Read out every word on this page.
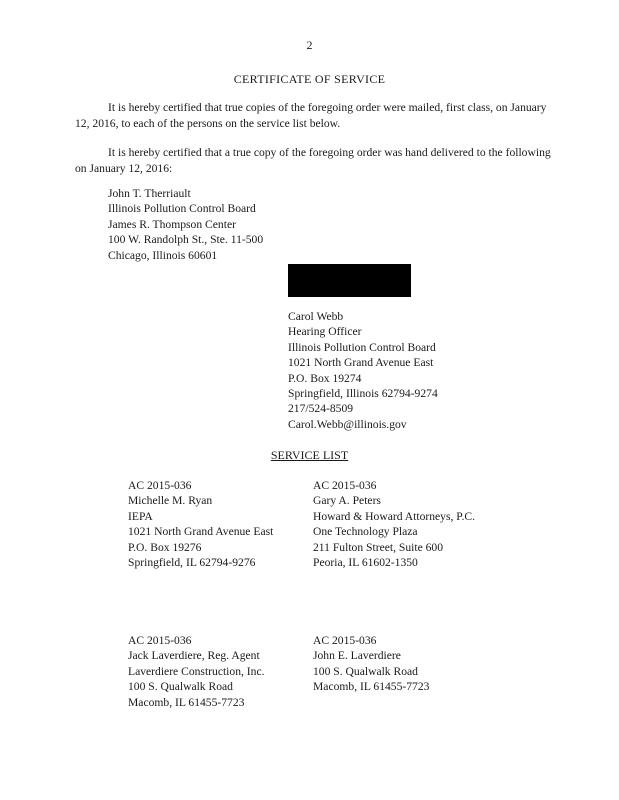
2
CERTIFICATE OF SERVICE

It is hereby certified that true copies of the foregoing order were mailed, first class, on January 12, 2016, to each of the persons on the service list below.

It is hereby certified that a true copy of the foregoing order was hand delivered to the following on January 12, 2016:

John T. Therriault
Illinois Pollution Control Board
James R. Thompson Center
100 W. Randolph St., Ste. 11-500
Chicago, Illinois 60601
Carol Webb
Hearing Officer
Illinois Pollution Control Board
1021 North Grand Avenue East
P.O. Box 19274
Springfield, Illinois 62794-9274
217/524-8509
Carol.Webb@illinois.gov
SERVICE LIST
AC 2015-036
Michelle M. Ryan
IEPA
1021 North Grand Avenue East
P.O. Box 19276
Springfield, IL 62794-9276
AC 2015-036
Gary A. Peters
Howard & Howard Attorneys, P.C.
One Technology Plaza
211 Fulton Street, Suite 600
Peoria, IL 61602-1350
AC 2015-036
Jack Laverdiere, Reg. Agent
Laverdiere Construction, Inc.
100 S. Qualwalk Road
Macomb, IL 61455-7723
AC 2015-036
John E. Laverdiere
100 S. Qualwalk Road
Macomb, IL 61455-7723
